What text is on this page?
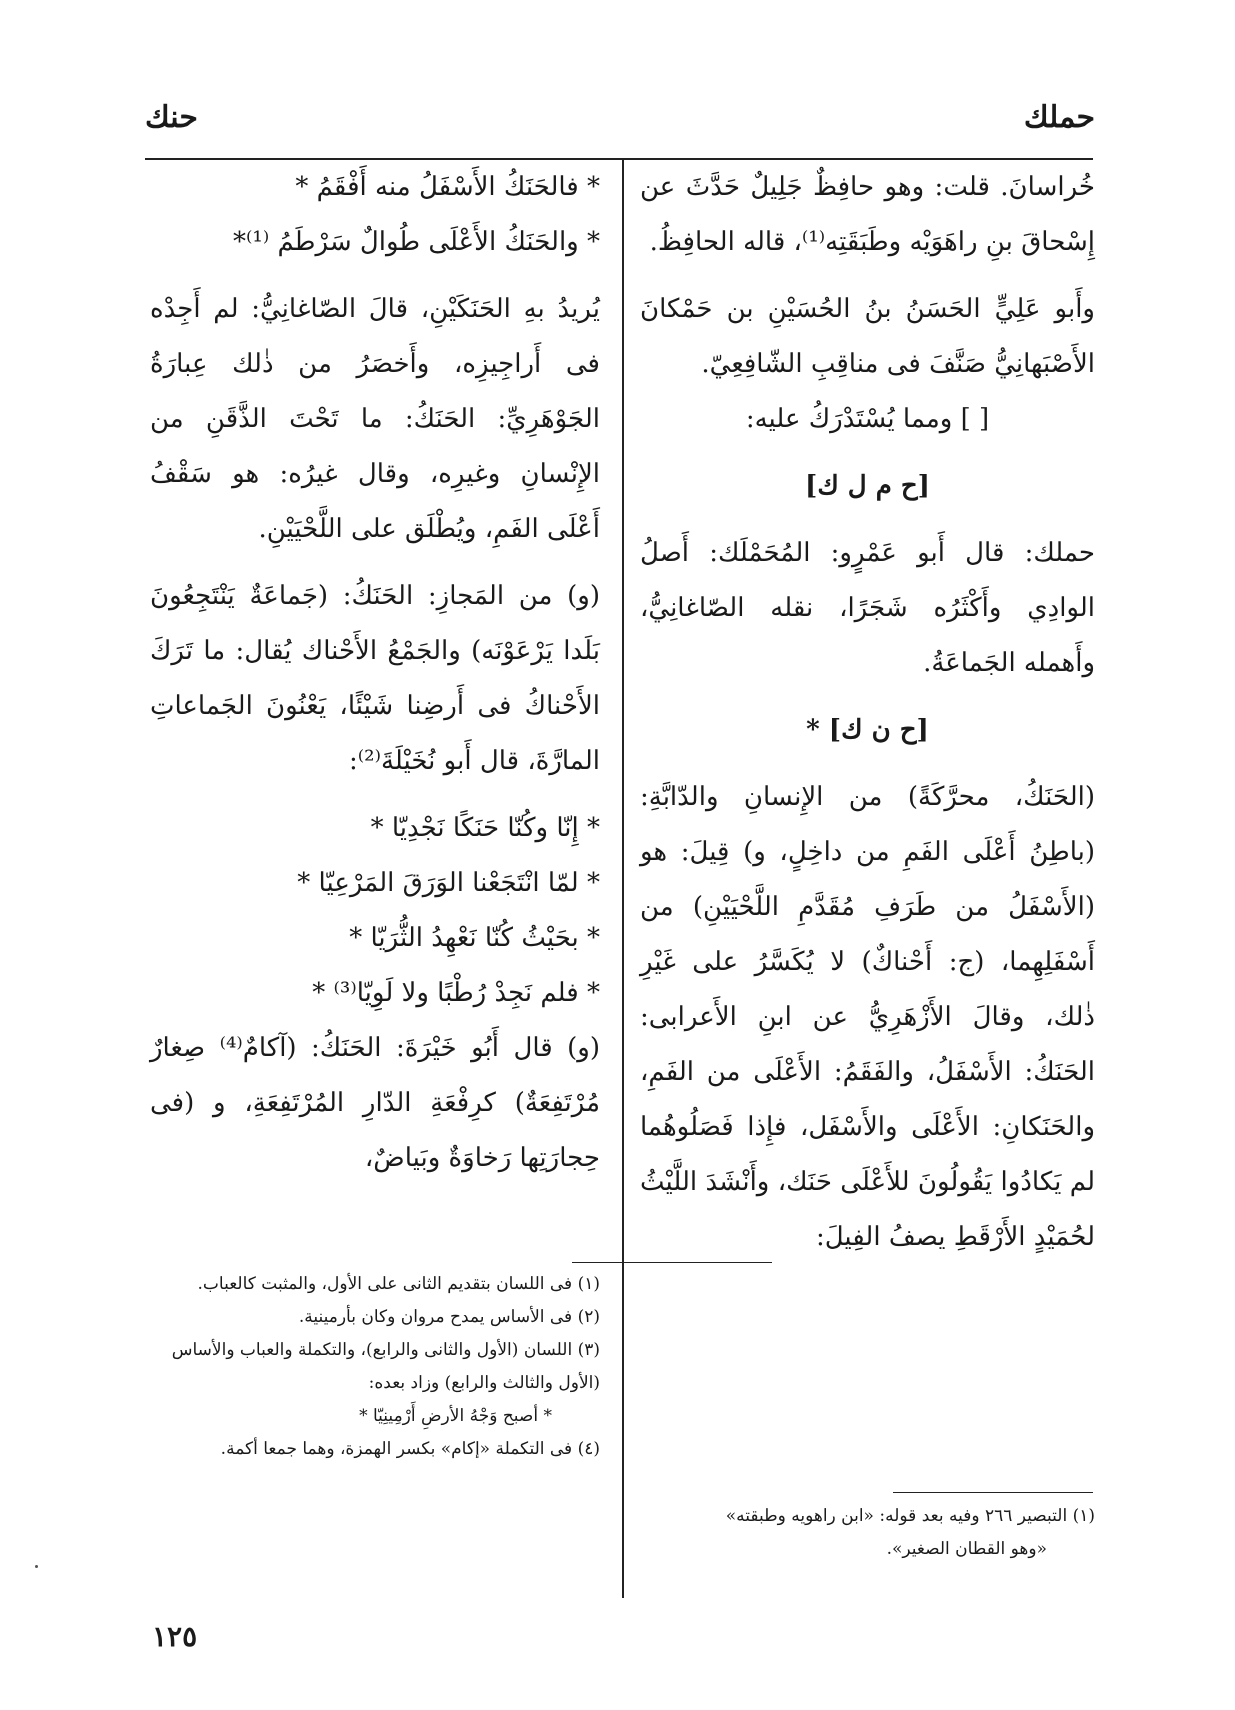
حملك
حنك

خُراسانَ. قلت: وهو حافِظٌ جَلِيلٌ حَدَّثَ عن إِسْحاقَ بنِ راهَوَيْه وطَبَقَتِه⁽¹⁾، قاله الحافِظُ.

وأَبو عَلِيٍّ الحَسَنُ بنُ الحُسَيْنِ بن حَمْكانَ الأَصْبَهانِيُّ صَنَّفَ فى مناقِبِ الشّافِعِيّ.

[ ] ومما يُسْتَدْرَكُ عليه:

[ح م ل ك]

حملك: قال أَبو عَمْرٍو: المُحَمْلَك: أَصلُ الوادِي وأَكْثَرُه شَجَرًا، نقله الصّاغانِيُّ، وأَهمله الجَماعَةُ.

[ح ن ك] *

(الحَنَكُ، محرَّكَةً) من الإِنسانِ والدّابَّةِ: (باطِنُ أَعْلَى الفَمِ من داخِلٍ، و) قِيلَ: هو (الأَسْفَلُ من طَرَفِ مُقَدَّمِ اللَّحْيَيْنِ) من أَسْفَلِهِما، (ج: أَحْناكٌ) لا يُكَسَّرُ على غَيْرِ ذٰلك، وقالَ الأَزْهَرِيُّ عن ابنِ الأَعرابى: الحَنَكُ: الأَسْفَلُ، والفَقَمُ: الأَعْلَى من الفَمِ، والحَنَكانِ: الأَعْلَى والأَسْفَل، فإِذا فَصَلُوهُما لم يَكادُوا يَقُولُونَ للأَعْلَى حَنَك، وأَنْشَدَ اللَّيْثُ لحُمَيْدٍ الأَرْقَطِ يصفُ الفِيلَ:

* فالحَنَكُ الأَسْفَلُ منه أَفْقَمُ *

* والحَنَكُ الأَعْلَى طُوالٌ سَرْطَمُ ⁽¹⁾*

يُريدُ بهِ الحَنَكَيْنِ، قالَ الصّاغانِيُّ: لم أَجِدْه فى أَراجِيزِه، وأَخصَرُ من ذٰلك عِبارَةُ الجَوْهَرِيِّ: الحَنَكُ: ما تَحْتَ الذَّقَنِ من الإِنْسانِ وغيرِه، وقال غيرُه: هو سَقْفُ أَعْلَى الفَمِ، ويُطْلَق على اللَّحْيَيْنِ.

(و) من المَجازِ: الحَنَكُ: (جَماعَةٌ يَنْتَجِعُونَ بَلَدا يَرْعَوْنَه) والجَمْعُ الأَحْناك يُقال: ما تَرَكَ الأَحْناكُ فى أَرضِنا شَيْئًا، يَعْنُونَ الجَماعاتِ المارَّةَ، قال أَبو نُخَيْلَةَ⁽²⁾:

* إِنّا وكُنّا حَنَكًا نَجْدِيّا *

* لمّا انْتَجَعْنا الوَرَقَ المَرْعِيّا *

* بحَيْثُ كُنّا نَعْهِدُ الثُّرَيّا *

* فلم نَجِدْ رُطْبًا ولا لَوِيّا⁽³⁾ *

(و) قال أَبُو خَيْرَةَ: الحَنَكُ: (آكامٌ⁽⁴⁾ صِغارٌ مُرْتَفِعَةٌ) كرِفْعَةِ الدّارِ المُرْتَفِعَةِ، و (فى حِجارَتِها رَخاوَةٌ وبَياضٌ،

(١) فى اللسان بتقديم الثانى على الأول، والمثبت كالعباب.

(٢) فى الأساس يمدح مروان وكان بأرمينية.

(٣) اللسان (الأول والثانى والرابع)، والتكملة والعباب والأساس (الأول والثالث والرابع) وزاد بعده:

* أصبح وَجْهُ الأرضِ أَرْمِينِيّا *

(٤) فى التكملة «إكام» بكسر الهمزة، وهما جمعا أكمة.

(١) التبصير ٢٦٦ وفيه بعد قوله: «ابن راهويه وطبقته»

«وهو القطان الصغير».

١٢٥
